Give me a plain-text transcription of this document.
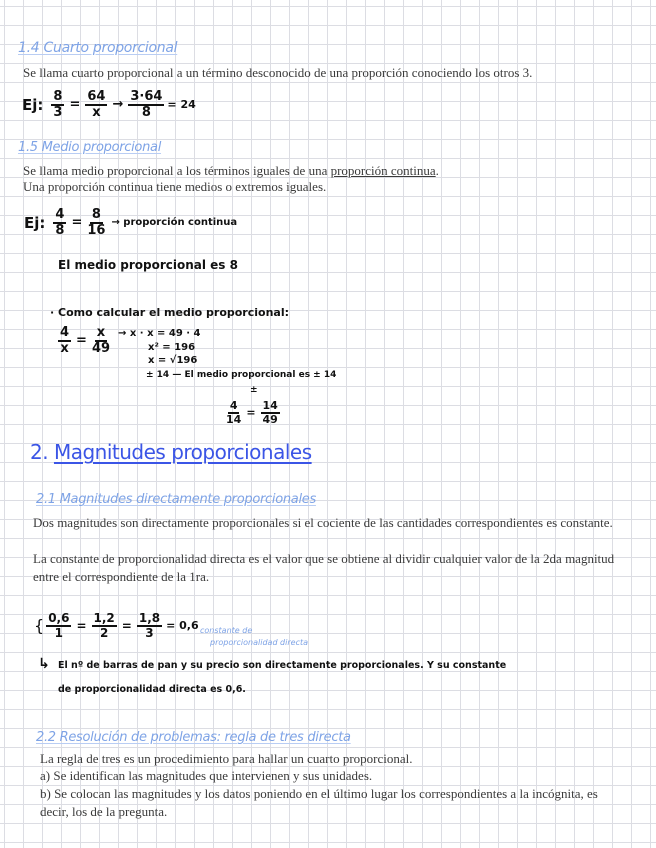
1.4 Cuarto proporcional
Se llama cuarto proporcional a un término desconocido de una proporción conociendo los otros 3.
Ej: $\frac{8}{3} = \frac{64}{x} \to \frac{3\cdot 64}{8} = 24$
1.5 Medio proporcional
Se llama medio proporcional a los términos iguales de una proporción continua.
Una proporción continua tiene medios o extremos iguales.
Ej: $\frac{4}{8} = \frac{8}{16}$ → proporción continua
El medio proporcional es 8
· Como calcular el medio proporcional:
$\frac{4}{x} = \frac{x}{49} \to x \cdot x = 49 \cdot 4$
x² = 196
x = √196
± 14 — El medio proporcional es ± 14
±
$\frac{4}{14} = \frac{14}{49}$
2. Magnitudes proporcionales
2.1 Magnitudes directamente proporcionales
Dos magnitudes son directamente proporcionales si el cociente de las cantidades correspondientes es constante.
La constante de proporcionalidad directa es el valor que se obtiene al dividir cualquier valor de la 2da magnitud entre el correspondiente de la 1ra.
{ $\frac{0,6}{1} = \frac{1,2}{2} = \frac{1,8}{3} = 0,6$ constante de
proporcionalidad directa
↳ El nº de barras de pan y su precio son directamente proporcionales. Y su constante
de proporcionalidad directa es 0,6.
2.2 Resolución de problemas: regla de tres directa
La regla de tres es un procedimiento para hallar un cuarto proporcional.
a) Se identifican las magnitudes que intervienen y sus unidades.
b) Se colocan las magnitudes y los datos poniendo en el último lugar los correspondientes a la incógnita, es decir, los de la pregunta.
